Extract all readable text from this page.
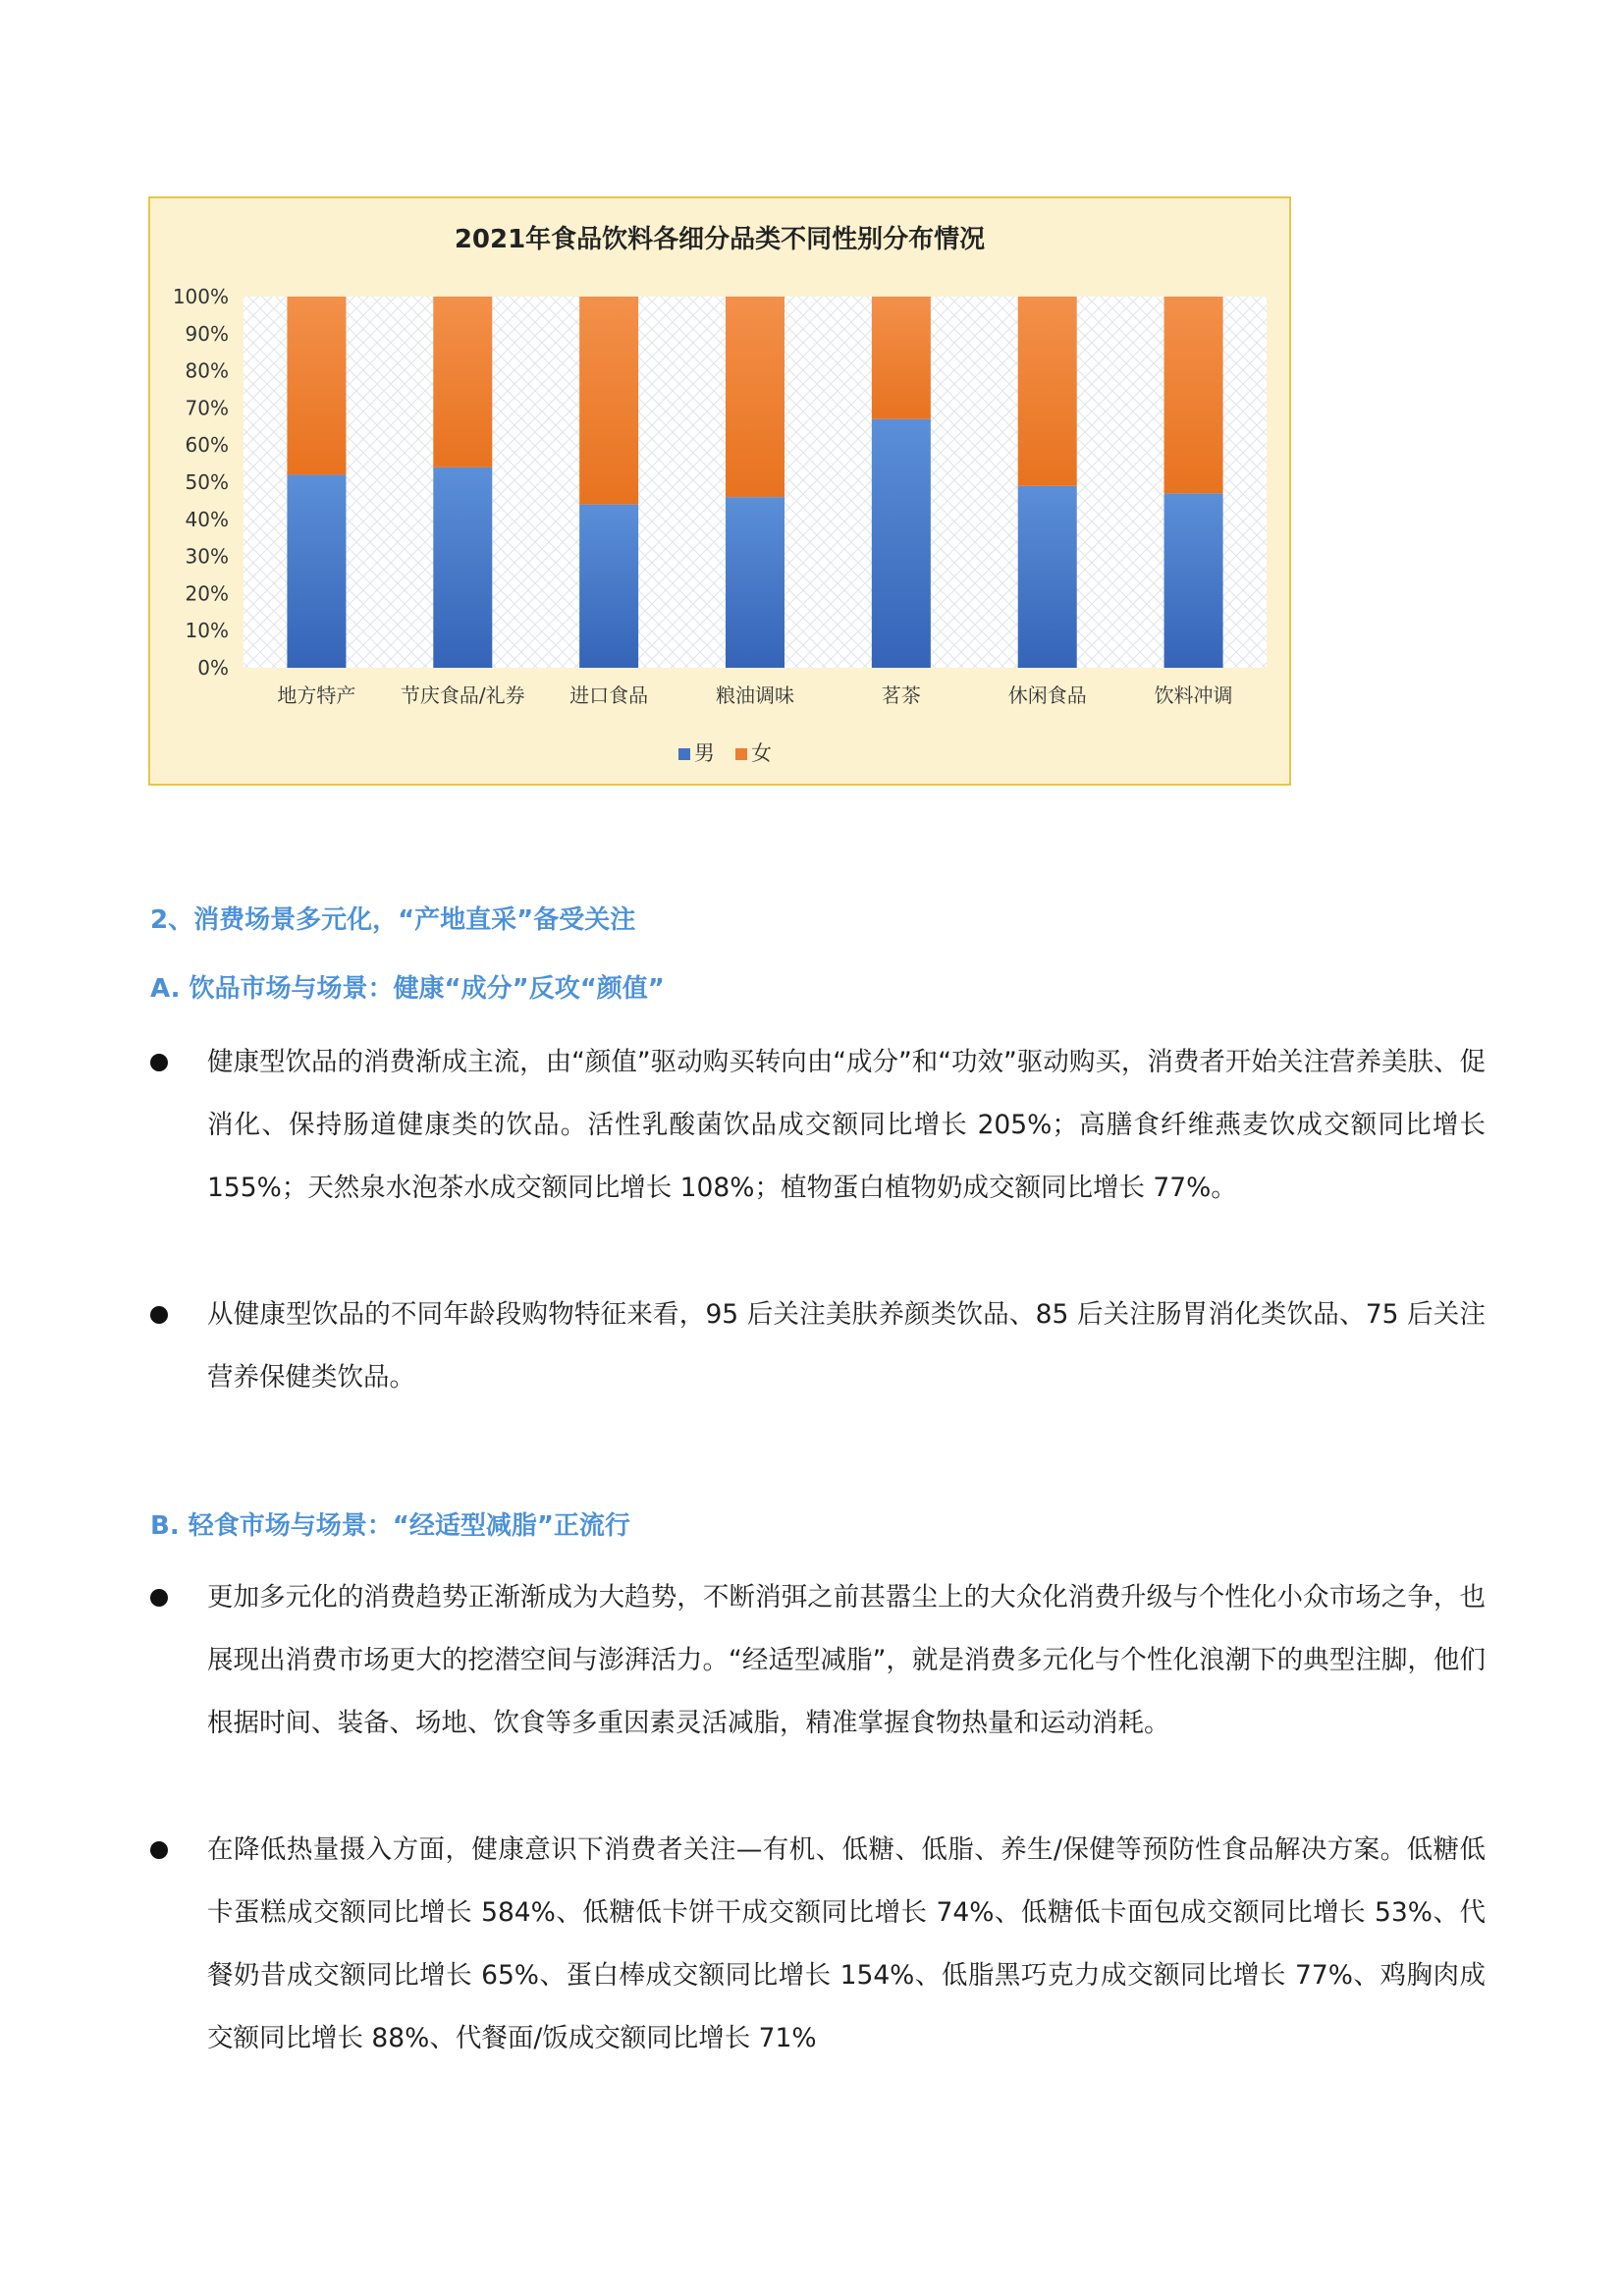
2021年食品饮料各细分品类不同性别分布情况
0%
10%
20%
30%
40%
50%
60%
70%
80%
90%
100%
地方特产 节庆食品/礼券 进口食品	粮油调味	茗茶	休闲食品	饮料冲调
男 女
2、消费场景多元化，“产地直采”备受关注
A. 饮品市场与场景：健康“成分”反攻“颜值”
健康型饮品的消费渐成主流，由“颜值”驱动购买转向由“成分”和“功效”驱动购买，消费者开始关注营养美肤、促消化、保持肠道健康类的饮品。活性乳酸菌饮品成交额同比增长 205%；高膳食纤维燕麦饮成交额同比增长 155%；天然泉水泡茶水成交额同比增长 108%；植物蛋白植物奶成交额同比增长 77%。
从健康型饮品的不同年龄段购物特征来看，95 后关注美肤养颜类饮品、85 后关注肠胃消化类饮品、75 后关注营养保健类饮品。
B. 轻食市场与场景：“经适型减脂”正流行
更加多元化的消费趋势正渐渐成为大趋势，不断消弭之前甚嚣尘上的大众化消费升级与个性化小众市场之争，也展现出消费市场更大的挖潜空间与澎湃活力。“经适型减脂”，就是消费多元化与个性化浪潮下的典型注脚，他们根据时间、装备、场地、饮食等多重因素灵活减脂，精准掌握食物热量和运动消耗。
在降低热量摄入方面，健康意识下消费者关注—有机、低糖、低脂、养生/保健等预防性食品解决方案。低糖低卡蛋糕成交额同比增长 584%、低糖低卡饼干成交额同比增长 74%、低糖低卡面包成交额同比增长 53%、代餐奶昔成交额同比增长 65%、蛋白棒成交额同比增长 154%、低脂黑巧克力成交额同比增长 77%、鸡胸肉成交额同比增长 88%、代餐面/饭成交额同比增长 71%
